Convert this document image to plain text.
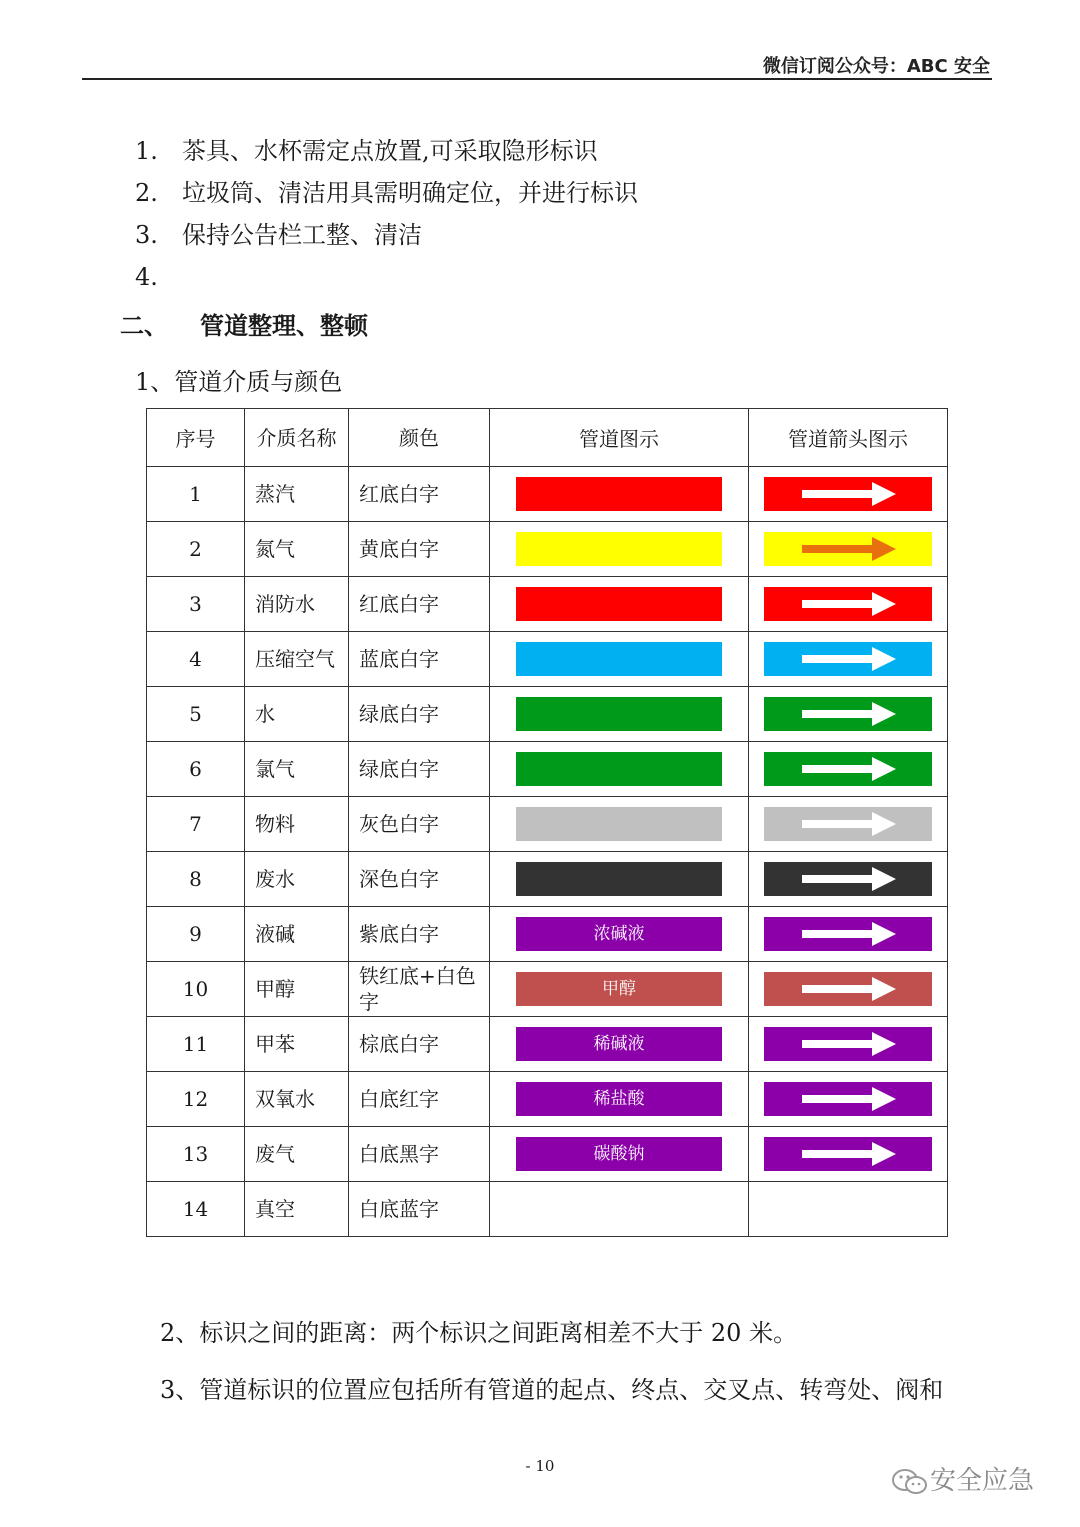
微信订阅公众号：ABC 安全
1. 茶具、水杯需定点放置,可采取隐形标识
2. 垃圾筒、清洁用具需明确定位，并进行标识
3. 保持公告栏工整、清洁
4.
二、 管道整理、整顿
1、管道介质与颜色
序号	介质名称	颜色	管道图示	管道箭头图示
1	蒸汽	红底白字		

2	氮气	黄底白字		

3	消防水	红底白字		

4	压缩空气	蓝底白字		

5	水	绿底白字		

6	氯气	绿底白字		

7	物料	灰色白字		

8	废水	深色白字		

9	液碱	紫底白字	浓碱液	

10	甲醇	铁红底+白色字	甲醇	

11	甲苯	棕底白字	稀碱液	

12	双氧水	白底红字	稀盐酸	

13	废气	白底黑字	碳酸钠	

14	真空	白底蓝字		
2、标识之间的距离：两个标识之间距离相差不大于 20 米。
3、管道标识的位置应包括所有管道的起点、终点、交叉点、转弯处、阀和
- 10	安全应急
